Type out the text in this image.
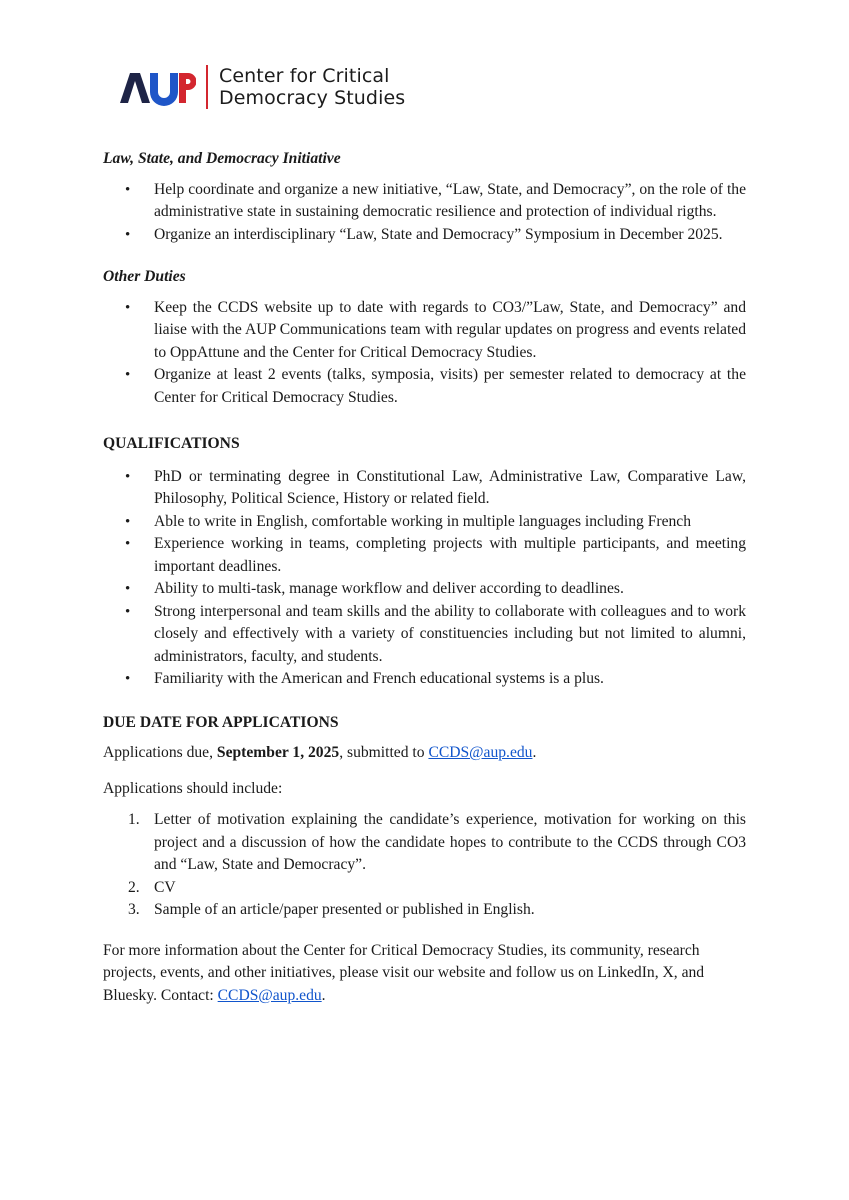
Center for Critical
Democracy Studies

Law, State, and Democracy Initiative

• Help coordinate and organize a new initiative, “Law, State, and Democracy”, on the role of the administrative state in sustaining democratic resilience and protection of individual rigths.
• Organize an interdisciplinary “Law, State and Democracy” Symposium in December 2025.

Other Duties

• Keep the CCDS website up to date with regards to CO3/”Law, State, and Democracy” and liaise with the AUP Communications team with regular updates on progress and events related to OppAttune and the Center for Critical Democracy Studies.
• Organize at least 2 events (talks, symposia, visits) per semester related to democracy at the Center for Critical Democracy Studies.

QUALIFICATIONS

• PhD or terminating degree in Constitutional Law, Administrative Law, Comparative Law, Philosophy, Political Science, History or related field.
• Able to write in English, comfortable working in multiple languages including French
• Experience working in teams, completing projects with multiple participants, and meeting important deadlines.
• Ability to multi-task, manage workflow and deliver according to deadlines.
• Strong interpersonal and team skills and the ability to collaborate with colleagues and to work closely and effectively with a variety of constituencies including but not limited to alumni, administrators, faculty, and students.
• Familiarity with the American and French educational systems is a plus.

DUE DATE FOR APPLICATIONS

Applications due, September 1, 2025, submitted to CCDS@aup.edu.

Applications should include:

1. Letter of motivation explaining the candidate’s experience, motivation for working on this project and a discussion of how the candidate hopes to contribute to the CCDS through CO3 and “Law, State and Democracy”.
2. CV
3. Sample of an article/paper presented or published in English.

For more information about the Center for Critical Democracy Studies, its community, research projects, events, and other initiatives, please visit our website and follow us on LinkedIn, X, and Bluesky. Contact: CCDS@aup.edu.
